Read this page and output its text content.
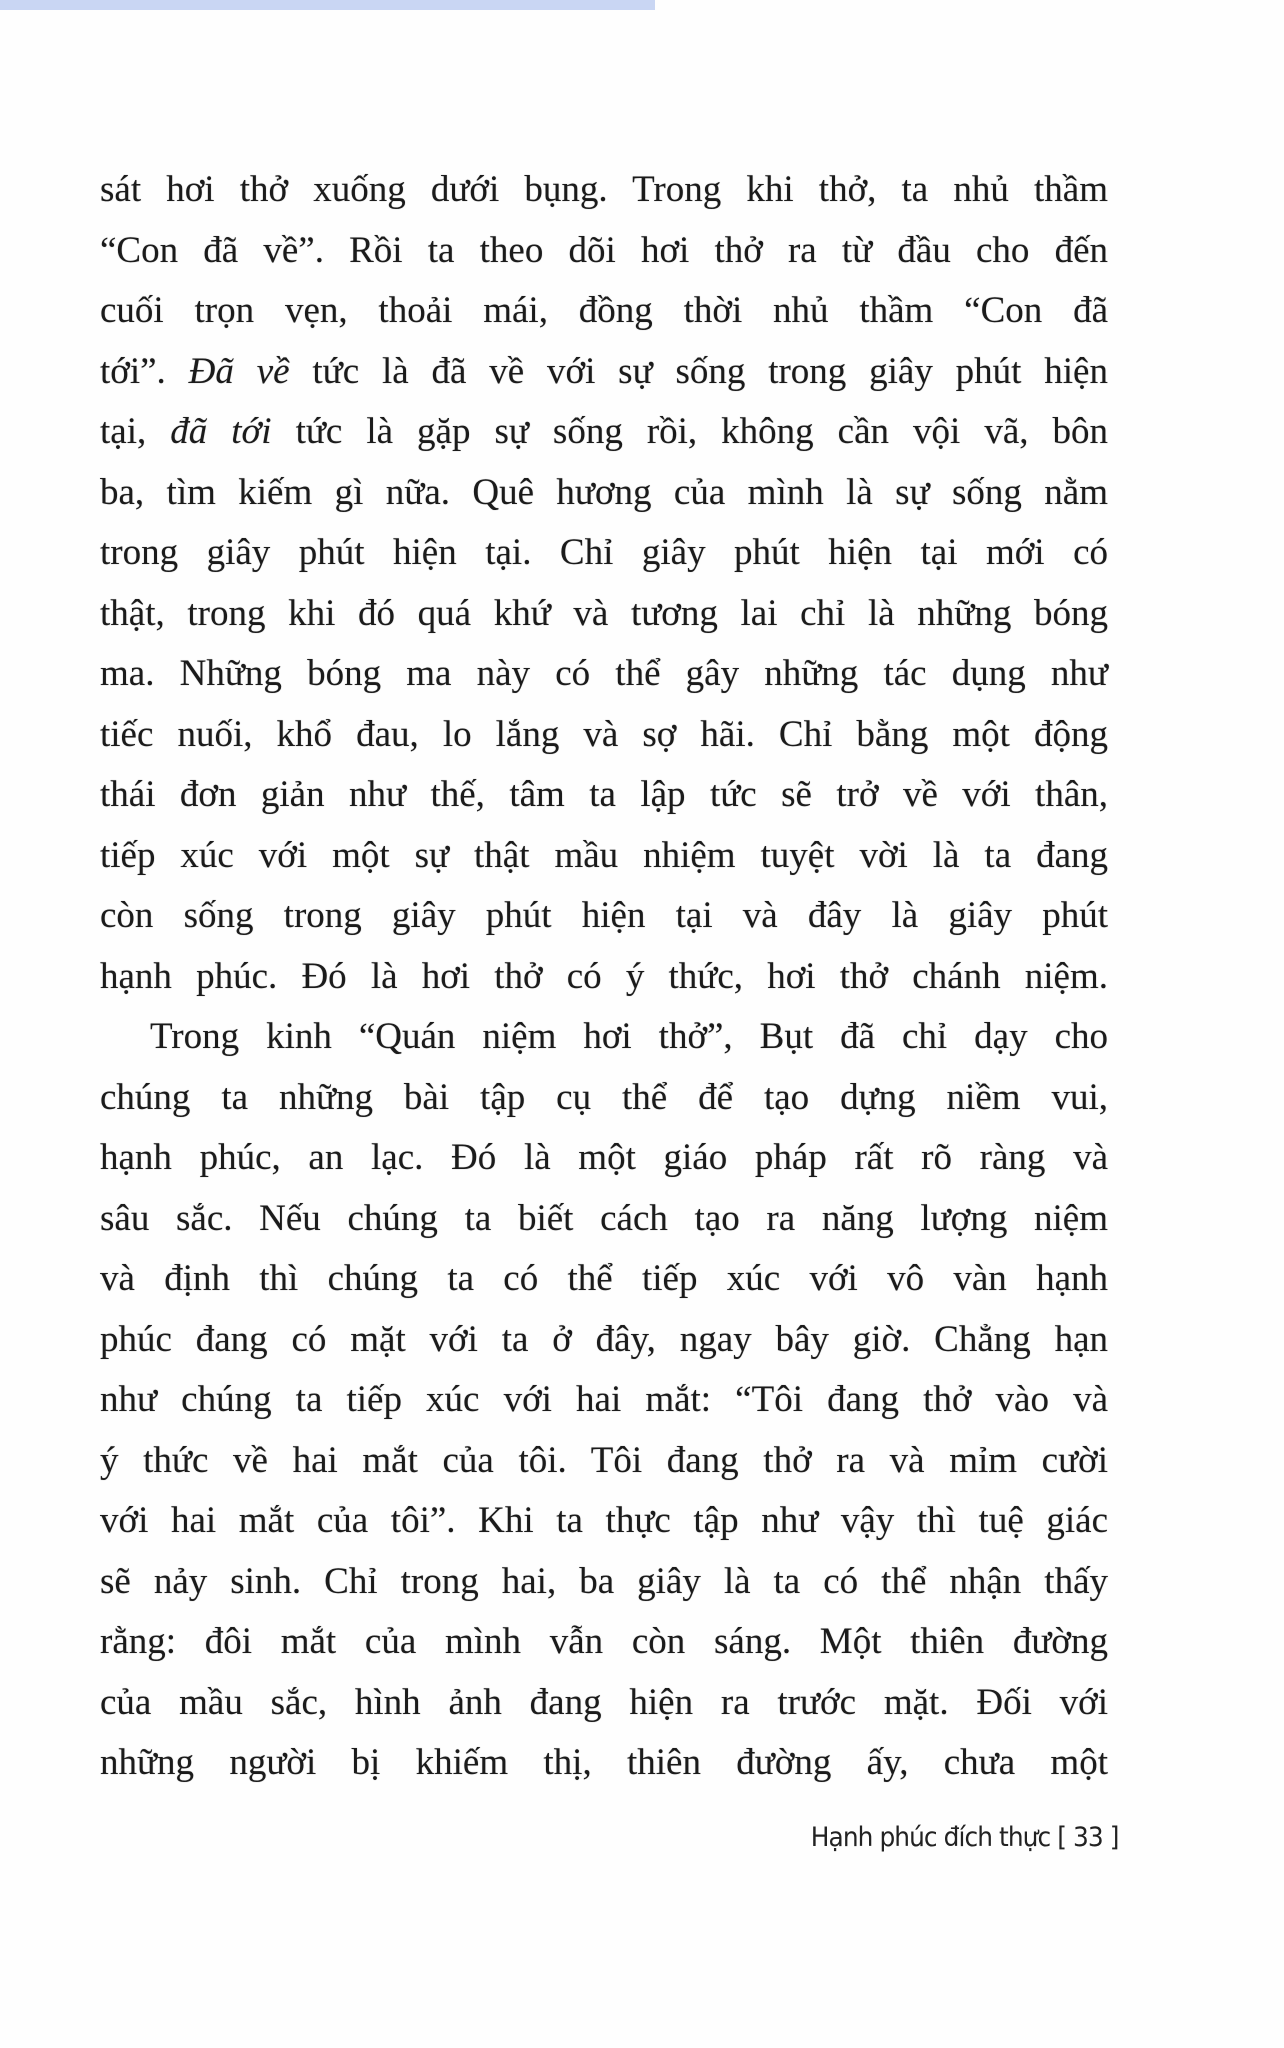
sát hơi thở xuống dưới bụng. Trong khi thở, ta nhủ thầm
“Con đã về”. Rồi ta theo dõi hơi thở ra từ đầu cho đến
cuối trọn vẹn, thoải mái, đồng thời nhủ thầm “Con đã
tới”. Đã về tức là đã về với sự sống trong giây phút hiện
tại, đã tới tức là gặp sự sống rồi, không cần vội vã, bôn
ba, tìm kiếm gì nữa. Quê hương của mình là sự sống nằm
trong giây phút hiện tại. Chỉ giây phút hiện tại mới có
thật, trong khi đó quá khứ và tương lai chỉ là những bóng
ma. Những bóng ma này có thể gây những tác dụng như
tiếc nuối, khổ đau, lo lắng và sợ hãi. Chỉ bằng một động
thái đơn giản như thế, tâm ta lập tức sẽ trở về với thân,
tiếp xúc với một sự thật mầu nhiệm tuyệt vời là ta đang
còn sống trong giây phút hiện tại và đây là giây phút
hạnh phúc. Đó là hơi thở có ý thức, hơi thở chánh niệm.
Trong kinh “Quán niệm hơi thở”, Bụt đã chỉ dạy cho
chúng ta những bài tập cụ thể để tạo dựng niềm vui,
hạnh phúc, an lạc. Đó là một giáo pháp rất rõ ràng và
sâu sắc. Nếu chúng ta biết cách tạo ra năng lượng niệm
và định thì chúng ta có thể tiếp xúc với vô vàn hạnh
phúc đang có mặt với ta ở đây, ngay bây giờ. Chẳng hạn
như chúng ta tiếp xúc với hai mắt: “Tôi đang thở vào và
ý thức về hai mắt của tôi. Tôi đang thở ra và mỉm cười
với hai mắt của tôi”. Khi ta thực tập như vậy thì tuệ giác
sẽ nảy sinh. Chỉ trong hai, ba giây là ta có thể nhận thấy
rằng: đôi mắt của mình vẫn còn sáng. Một thiên đường
của mầu sắc, hình ảnh đang hiện ra trước mặt. Đối với
những người bị khiếm thị, thiên đường ấy, chưa một
Hạnh phúc đích thực [ 33 ]
